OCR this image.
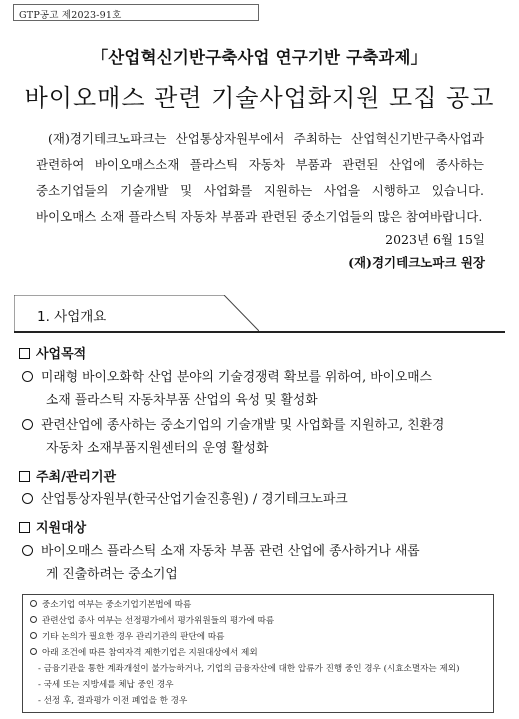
GTP공고 제2023-91호
「산업혁신기반구축사업 연구기반 구축과제」
바이오매스 관련 기술사업화지원 모집 공고

(재)경기테크노파크는 산업통상자원부에서 주최하는 산업혁신기반구축사업과 관련하여 바이오매스소재 플라스틱 자동차 부품과 관련된 산업에 종사하는 중소기업들의 기술개발 및 사업화를 지원하는 사업을 시행하고 있습니다. 바이오매스 소재 플라스틱 자동차 부품과 관련된 중소기업들의 많은 참여바랍니다.

2023년 6월 15일
(재)경기테크노파크 원장
1. 사업개요
사업목적
미래형 바이오화학 산업 분야의 기술경쟁력 확보를 위하여, 바이오매스
소재 플라스틱 자동차부품 산업의 육성 및 활성화
관련산업에 종사하는 중소기업의 기술개발 및 사업화를 지원하고, 친환경
자동차 소재부품지원센터의 운영 활성화
주최/관리기관
산업통상자원부(한국산업기술진흥원) / 경기테크노파크
지원대상
바이오매스 플라스틱 소재 자동차 부품 관련 산업에 종사하거나 새롭
게 진출하려는 중소기업
중소기업 여부는 중소기업기본법에 따름
관련산업 종사 여부는 선정평가에서 평가위원들의 평가에 따름
기타 논의가 필요한 경우 관리기관의 판단에 따름
아래 조건에 따른 참여자격 제한기업은 지원대상에서 제외
- 금융기관을 통한 계좌개설이 불가능하거나, 기업의 금융자산에 대한 압류가 진행 중인 경우 (시효소멸자는 제외)
- 국세 또는 지방세를 체납 중인 경우
- 선정 후, 결과평가 이전 폐업을 한 경우
